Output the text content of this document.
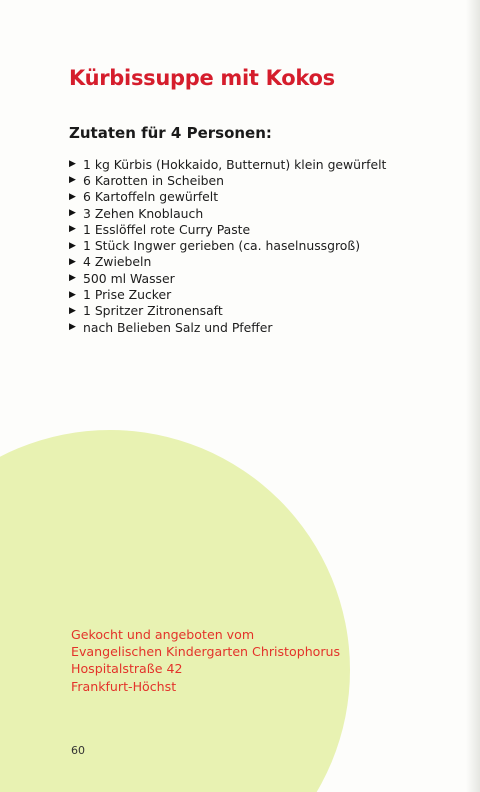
Kürbissuppe mit Kokos
Zutaten für 4 Personen:
▶ 1 kg Kürbis (Hokkaido, Butternut) klein gewürfelt
▶ 6 Karotten in Scheiben
▶ 6 Kartoffeln gewürfelt
▶ 3 Zehen Knoblauch
▶ 1 Esslöffel rote Curry Paste
▶ 1 Stück Ingwer gerieben (ca. haselnussgroß)
▶ 4 Zwiebeln
▶ 500 ml Wasser
▶ 1 Prise Zucker
▶ 1 Spritzer Zitronensaft
▶ nach Belieben Salz und Pfeffer
Gekocht und angeboten vom
Evangelischen Kindergarten Christophorus
Hospitalstraße 42
Frankfurt-Höchst
60
